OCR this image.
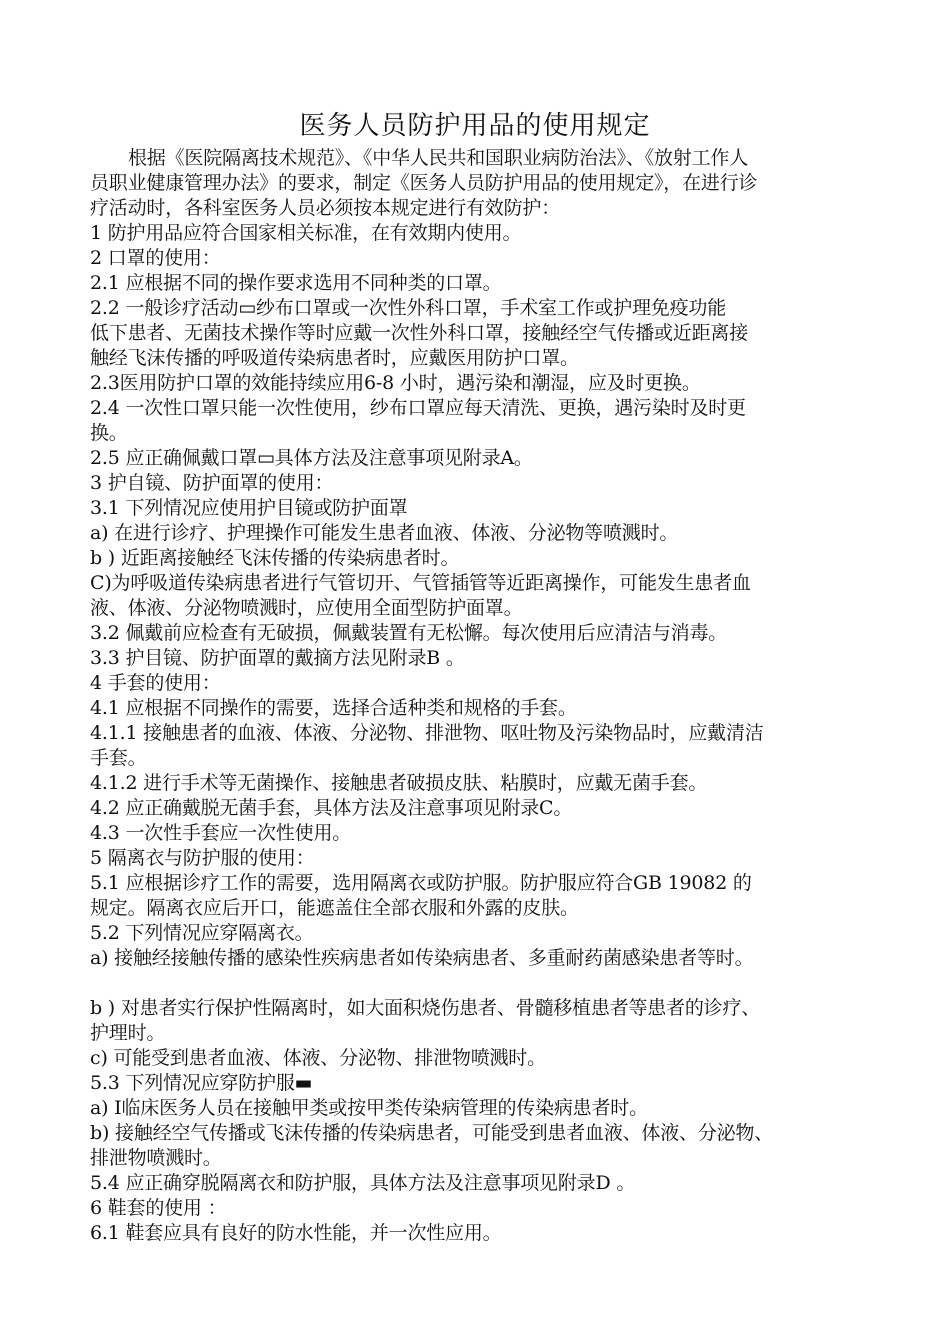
医务人员防护用品的使用规定
根据《医院隔离技术规范》、《中华人民共和国职业病防治法》、《放射工作人
员职业健康管理办法》的要求，制定《医务人员防护用品的使用规定》，在进行诊
疗活动时，各科室医务人员必须按本规定进行有效防护：
1 防护用品应符合国家相关标准，在有效期内使用。
2 口罩的使用：
2.1 应根据不同的操作要求选用不同种类的口罩。
2.2 一般诊疗活动▭纱布口罩或一次性外科口罩，手术室工作或护理免疫功能
低下患者、无菌技术操作等时应戴一次性外科口罩，接触经空气传播或近距离接
触经飞沫传播的呼吸道传染病患者时，应戴医用防护口罩。
2.3医用防护口罩的效能持续应用6-8 小时，遇污染和潮湿，应及时更换。
2.4 一次性口罩只能一次性使用，纱布口罩应每天清洗、更换，遇污染时及时更
换。
2.5 应正确佩戴口罩▭具体方法及注意事项见附录A。
3 护自镜、防护面罩的使用：
3.1 下列情况应使用护目镜或防护面罩
a) 在进行诊疗、护理操作可能发生患者血液、体液、分泌物等喷溅时。
b ) 近距离接触经飞沫传播的传染病患者时。
C)为呼吸道传染病患者进行气管切开、气管插管等近距离操作，可能发生患者血
液、体液、分泌物喷溅时，应使用全面型防护面罩。
3.2 佩戴前应检查有无破损，佩戴装置有无松懈。每次使用后应清洁与消毒。
3.3 护目镜、防护面罩的戴摘方法见附录B 。
4 手套的使用：
4.1 应根据不同操作的需要，选择合适种类和规格的手套。
4.1.1 接触患者的血液、体液、分泌物、排泄物、呕吐物及污染物品时，应戴清洁
手套。
4.1.2 进行手术等无菌操作、接触患者破损皮肤、粘膜时，应戴无菌手套。
4.2 应正确戴脱无菌手套，具体方法及注意事项见附录C。
4.3 一次性手套应一次性使用。
5 隔离衣与防护服的使用：
5.1 应根据诊疗工作的需要，选用隔离衣或防护服。防护服应符合GB 19082 的
规定。隔离衣应后开口，能遮盖住全部衣服和外露的皮肤。
5.2 下列情况应穿隔离衣。
a) 接触经接触传播的感染性疾病患者如传染病患者、多重耐药菌感染患者等时。
b ) 对患者实行保护性隔离时，如大面积烧伤患者、骨髓移植患者等患者的诊疗、
护理时。
c) 可能受到患者血液、体液、分泌物、排泄物喷溅时。
5.3 下列情况应穿防护服▬
a) I临床医务人员在接触甲类或按甲类传染病管理的传染病患者时。
b) 接触经空气传播或飞沫传播的传染病患者，可能受到患者血液、体液、分泌物、
排泄物喷溅时。
5.4 应正确穿脱隔离衣和防护服，具体方法及注意事项见附录D 。
6 鞋套的使用 ：
6.1 鞋套应具有良好的防水性能，并一次性应用。
